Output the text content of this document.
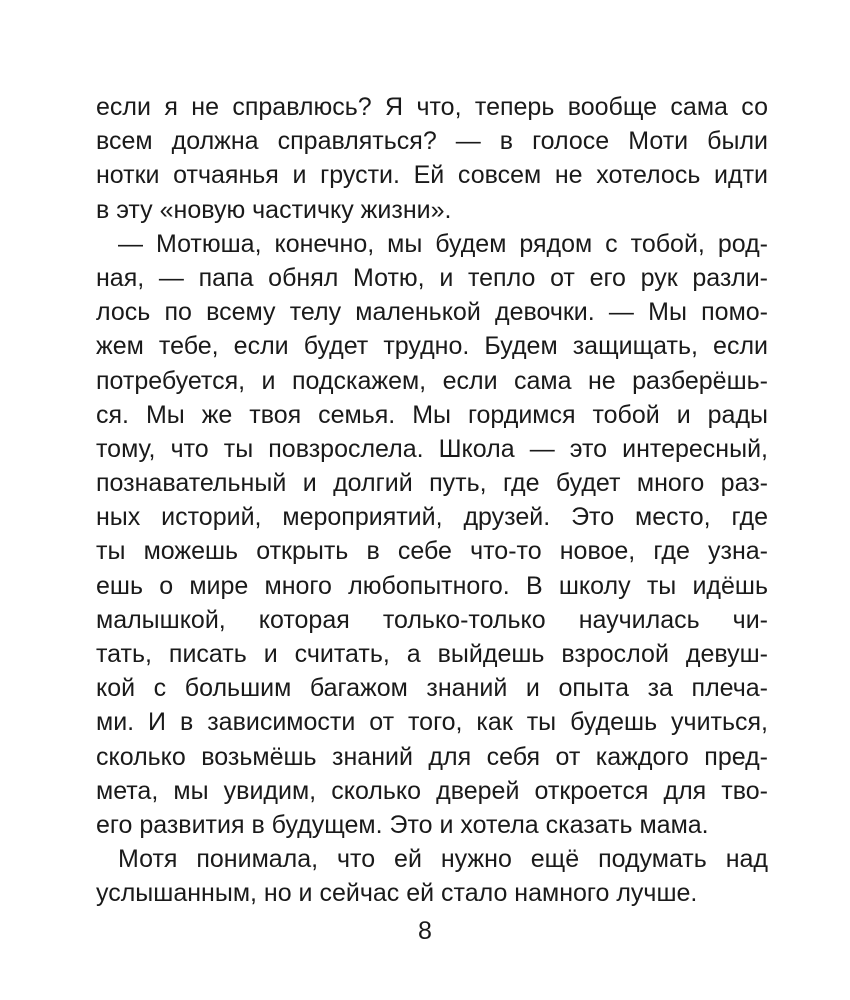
если я не справлюсь? Я что, теперь вообще сама со
всем должна справляться? — в голосе Моти были
нотки отчаянья и грусти. Ей совсем не хотелось идти
в эту «новую частичку жизни».
— Мотюша, конечно, мы будем рядом с тобой, род-
ная, — папа обнял Мотю, и тепло от его рук разли-
лось по всему телу маленькой девочки. — Мы помо-
жем тебе, если будет трудно. Будем защищать, если
потребуется, и подскажем, если сама не разберёшь-
ся. Мы же твоя семья. Мы гордимся тобой и рады
тому, что ты повзрослела. Школа — это интересный,
познавательный и долгий путь, где будет много раз-
ных историй, мероприятий, друзей. Это место, где
ты можешь открыть в себе что-то новое, где узна-
ешь о мире много любопытного. В школу ты идёшь
малышкой, которая только-только научилась чи-
тать, писать и считать, а выйдешь взрослой девуш-
кой с большим багажом знаний и опыта за плеча-
ми. И в зависимости от того, как ты будешь учиться,
сколько возьмёшь знаний для себя от каждого пред-
мета, мы увидим, сколько дверей откроется для тво-
его развития в будущем. Это и хотела сказать мама.
Мотя понимала, что ей нужно ещё подумать над
услышанным, но и сейчас ей стало намного лучше.
8
